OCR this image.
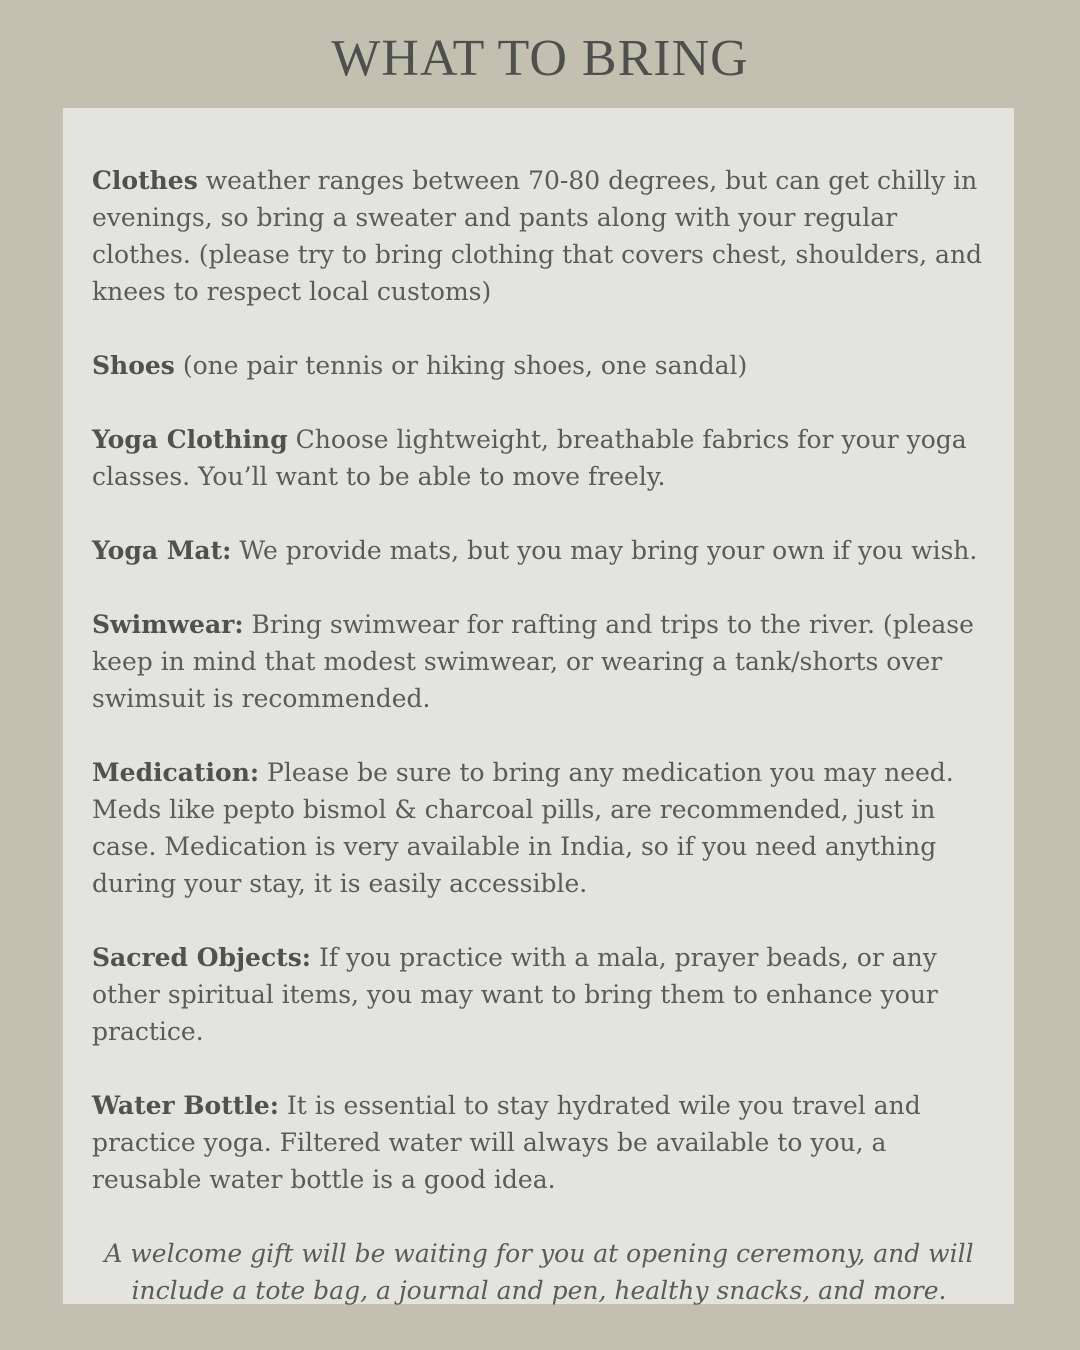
WHAT TO BRING

Clothes weather ranges between 70-80 degrees, but can get chilly in evenings, so bring a sweater and pants along with your regular clothes. (please try to bring clothing that covers chest, shoulders, and knees to respect local customs)

Shoes (one pair tennis or hiking shoes, one sandal)

Yoga Clothing Choose lightweight, breathable fabrics for your yoga classes. You’ll want to be able to move freely.

Yoga Mat: We provide mats, but you may bring your own if you wish.

Swimwear: Bring swimwear for rafting and trips to the river. (please keep in mind that modest swimwear, or wearing a tank/shorts over swimsuit is recommended.

Medication: Please be sure to bring any medication you may need. Meds like pepto bismol & charcoal pills, are recommended, just in case. Medication is very available in India, so if you need anything during your stay, it is easily accessible.

Sacred Objects: If you practice with a mala, prayer beads, or any other spiritual items, you may want to bring them to enhance your practice.

Water Bottle: It is essential to stay hydrated wile you travel and practice yoga. Filtered water will always be available to you, a reusable water bottle is a good idea.

A welcome gift will be waiting for you at opening ceremony, and will include a tote bag, a journal and pen, healthy snacks, and more.
